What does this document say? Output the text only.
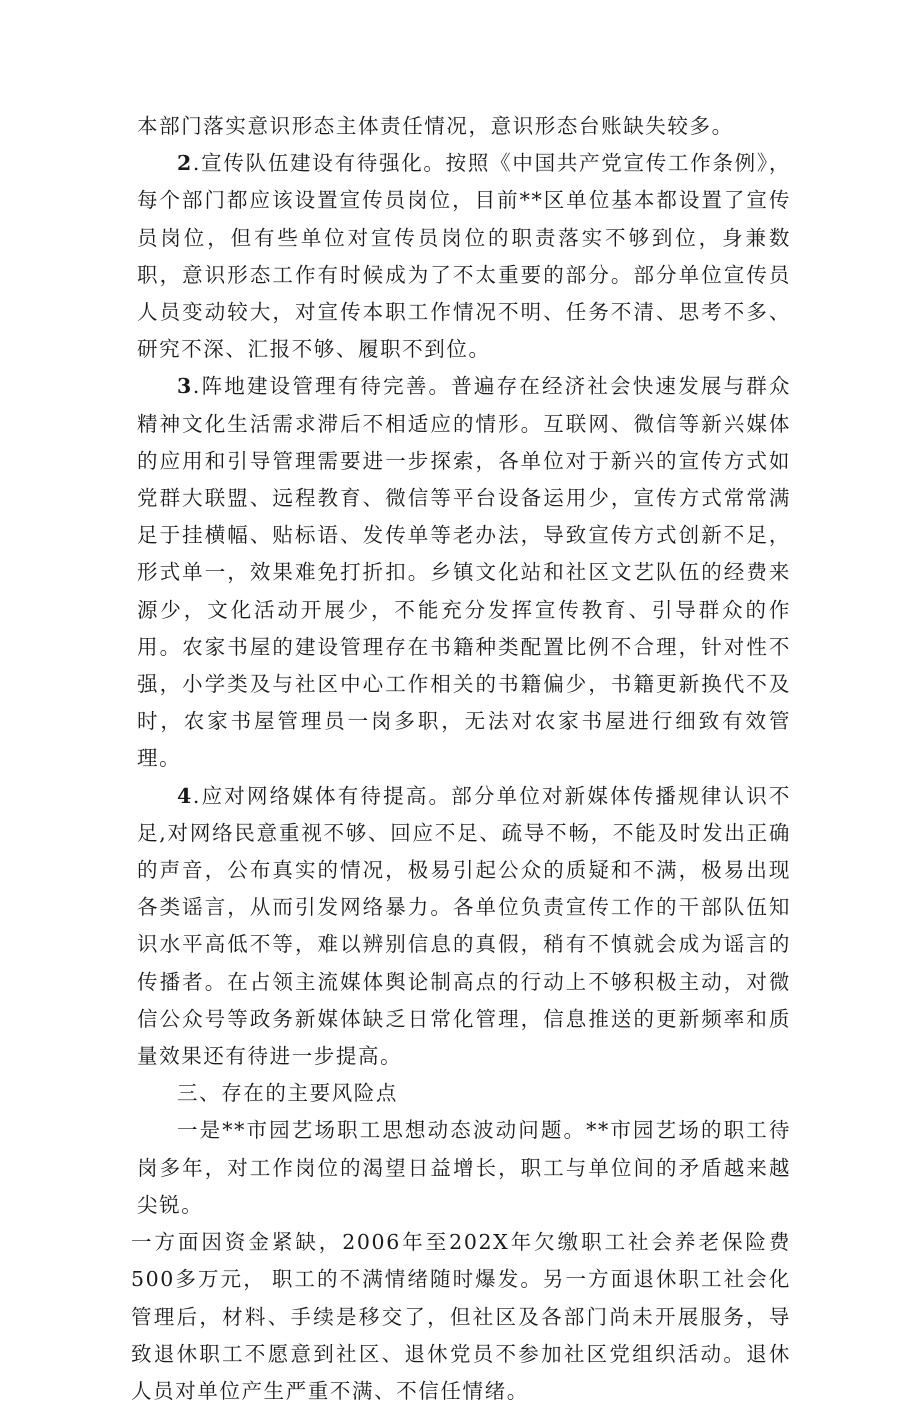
本部门落实意识形态主体责任情况，意识形态台账缺失较多。

2.宣传队伍建设有待强化。按照《中国共产党宣传工作条例》，每个部门都应该设置宣传员岗位，目前**区单位基本都设置了宣传员岗位，但有些单位对宣传员岗位的职责落实不够到位，身兼数职，意识形态工作有时候成为了不太重要的部分。部分单位宣传员人员变动较大，对宣传本职工作情况不明、任务不清、思考不多、研究不深、汇报不够、履职不到位。

3.阵地建设管理有待完善。普遍存在经济社会快速发展与群众精神文化生活需求滞后不相适应的情形。互联网、微信等新兴媒体的应用和引导管理需要进一步探索，各单位对于新兴的宣传方式如党群大联盟、远程教育、微信等平台设备运用少，宣传方式常常满足于挂横幅、贴标语、发传单等老办法，导致宣传方式创新不足，形式单一，效果难免打折扣。乡镇文化站和社区文艺队伍的经费来源少，文化活动开展少，不能充分发挥宣传教育、引导群众的作用。农家书屋的建设管理存在书籍种类配置比例不合理，针对性不强，小学类及与社区中心工作相关的书籍偏少，书籍更新换代不及时，农家书屋管理员一岗多职，无法对农家书屋进行细致有效管理。

4.应对网络媒体有待提高。部分单位对新媒体传播规律认识不足,对网络民意重视不够、回应不足、疏导不畅，不能及时发出正确的声音，公布真实的情况，极易引起公众的质疑和不满，极易出现各类谣言，从而引发网络暴力。各单位负责宣传工作的干部队伍知识水平高低不等，难以辨别信息的真假，稍有不慎就会成为谣言的传播者。在占领主流媒体舆论制高点的行动上不够积极主动，对微信公众号等政务新媒体缺乏日常化管理，信息推送的更新频率和质量效果还有待进一步提高。

三、存在的主要风险点

一是**市园艺场职工思想动态波动问题。**市园艺场的职工待岗多年，对工作岗位的渴望日益增长，职工与单位间的矛盾越来越尖锐。

一方面因资金紧缺，2006年至202X年欠缴职工社会养老保险费500多万元， 职工的不满情绪随时爆发。另一方面退休职工社会化管理后，材料、手续是移交了，但社区及各部门尚未开展服务，导致退休职工不愿意到社区、退休党员不参加社区党组织活动。退休人员对单位产生严重不满、不信任情绪。
